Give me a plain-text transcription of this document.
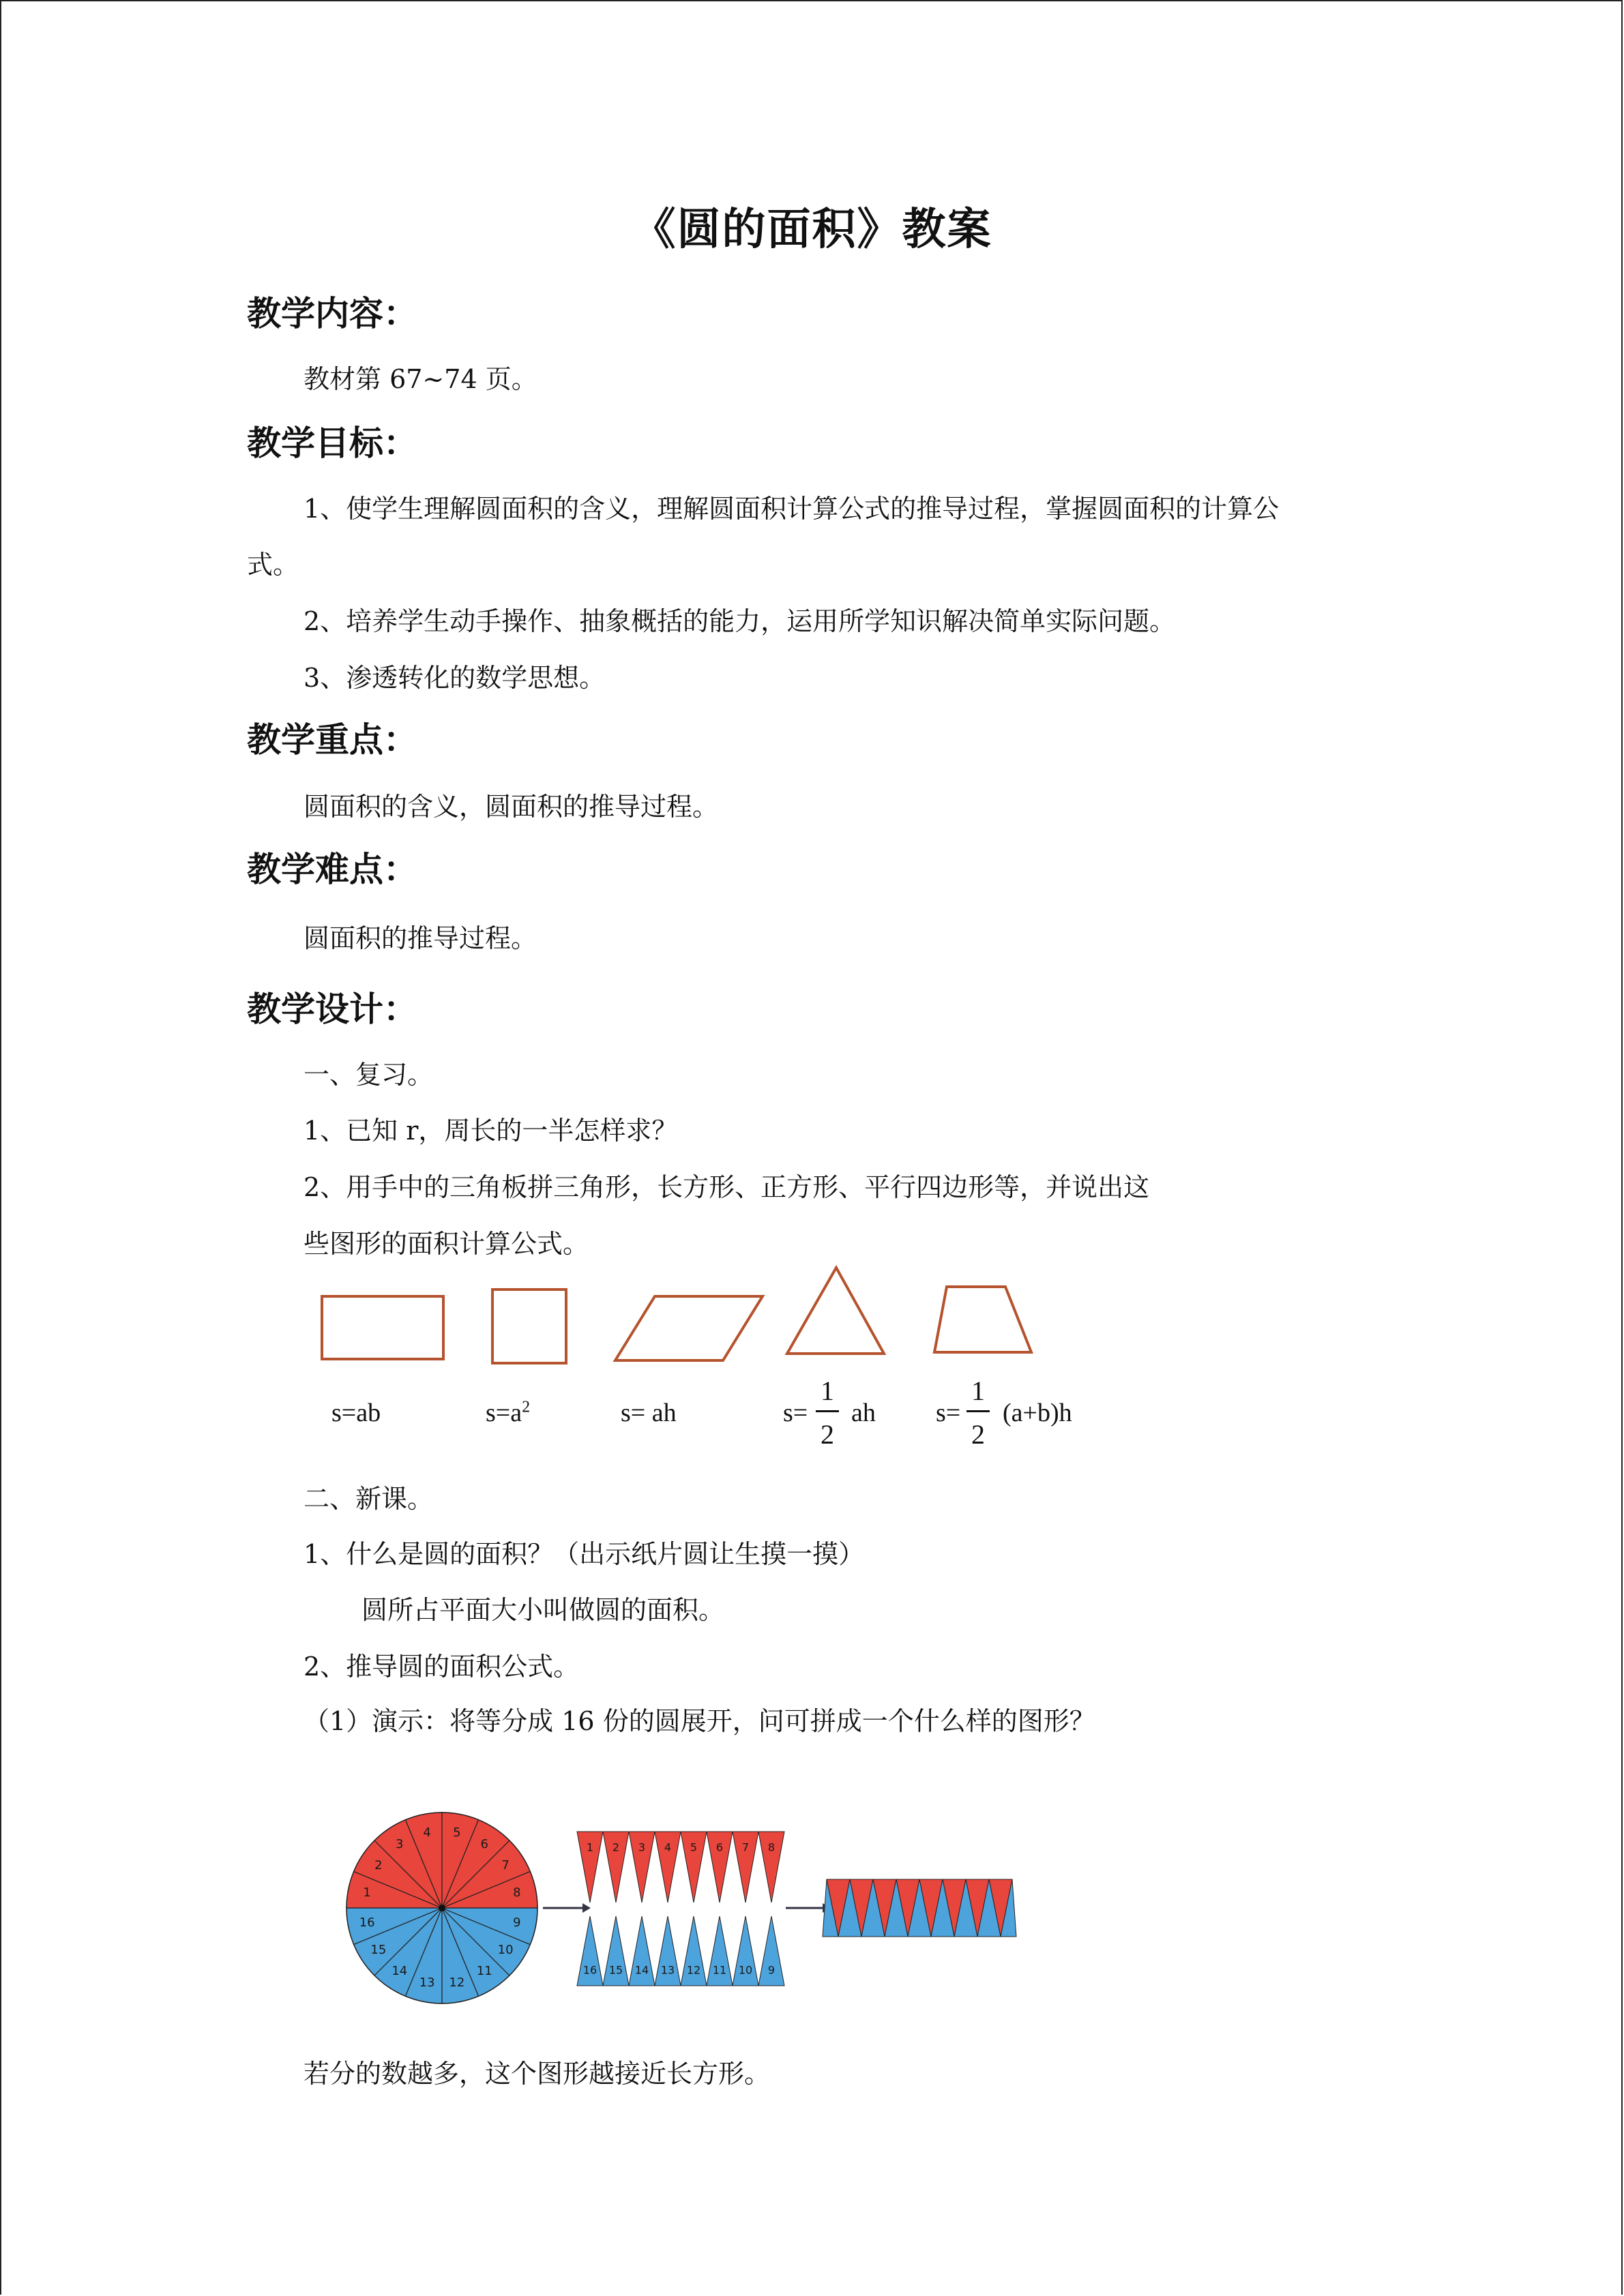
《圆的面积》教案
教学内容：
教材第 67~74 页。
教学目标：
1、使学生理解圆面积的含义，理解圆面积计算公式的推导过程，掌握圆面积的计算公
式。
2、培养学生动手操作、抽象概括的能力，运用所学知识解决简单实际问题。
3、渗透转化的数学思想。
教学重点：
圆面积的含义，圆面积的推导过程。
教学难点：
圆面积的推导过程。
教学设计：
一、复习。
1、已知 r，周长的一半怎样求？
2、用手中的三角板拼三角形，长方形、正方形、平行四边形等，并说出这
些图形的面积计算公式。
s=ab	$s=a^2$	s= ah	s=
1
2
ah s=
1
2
(a+b)h
二、新课。
1、什么是圆的面积？（出示纸片圆让生摸一摸）
圆所占平面大小叫做圆的面积。
2、推导圆的面积公式。
（1）演示：将等分成 16 份的圆展开，问可拼成一个什么样的图形？
1
2
3
4 5
6
7
8
16
15
14
13 12
11
10
9
1
16
2
15
3
14
4
13
5
12
6
11
7
10
8
9
若分的数越多，这个图形越接近长方形。
